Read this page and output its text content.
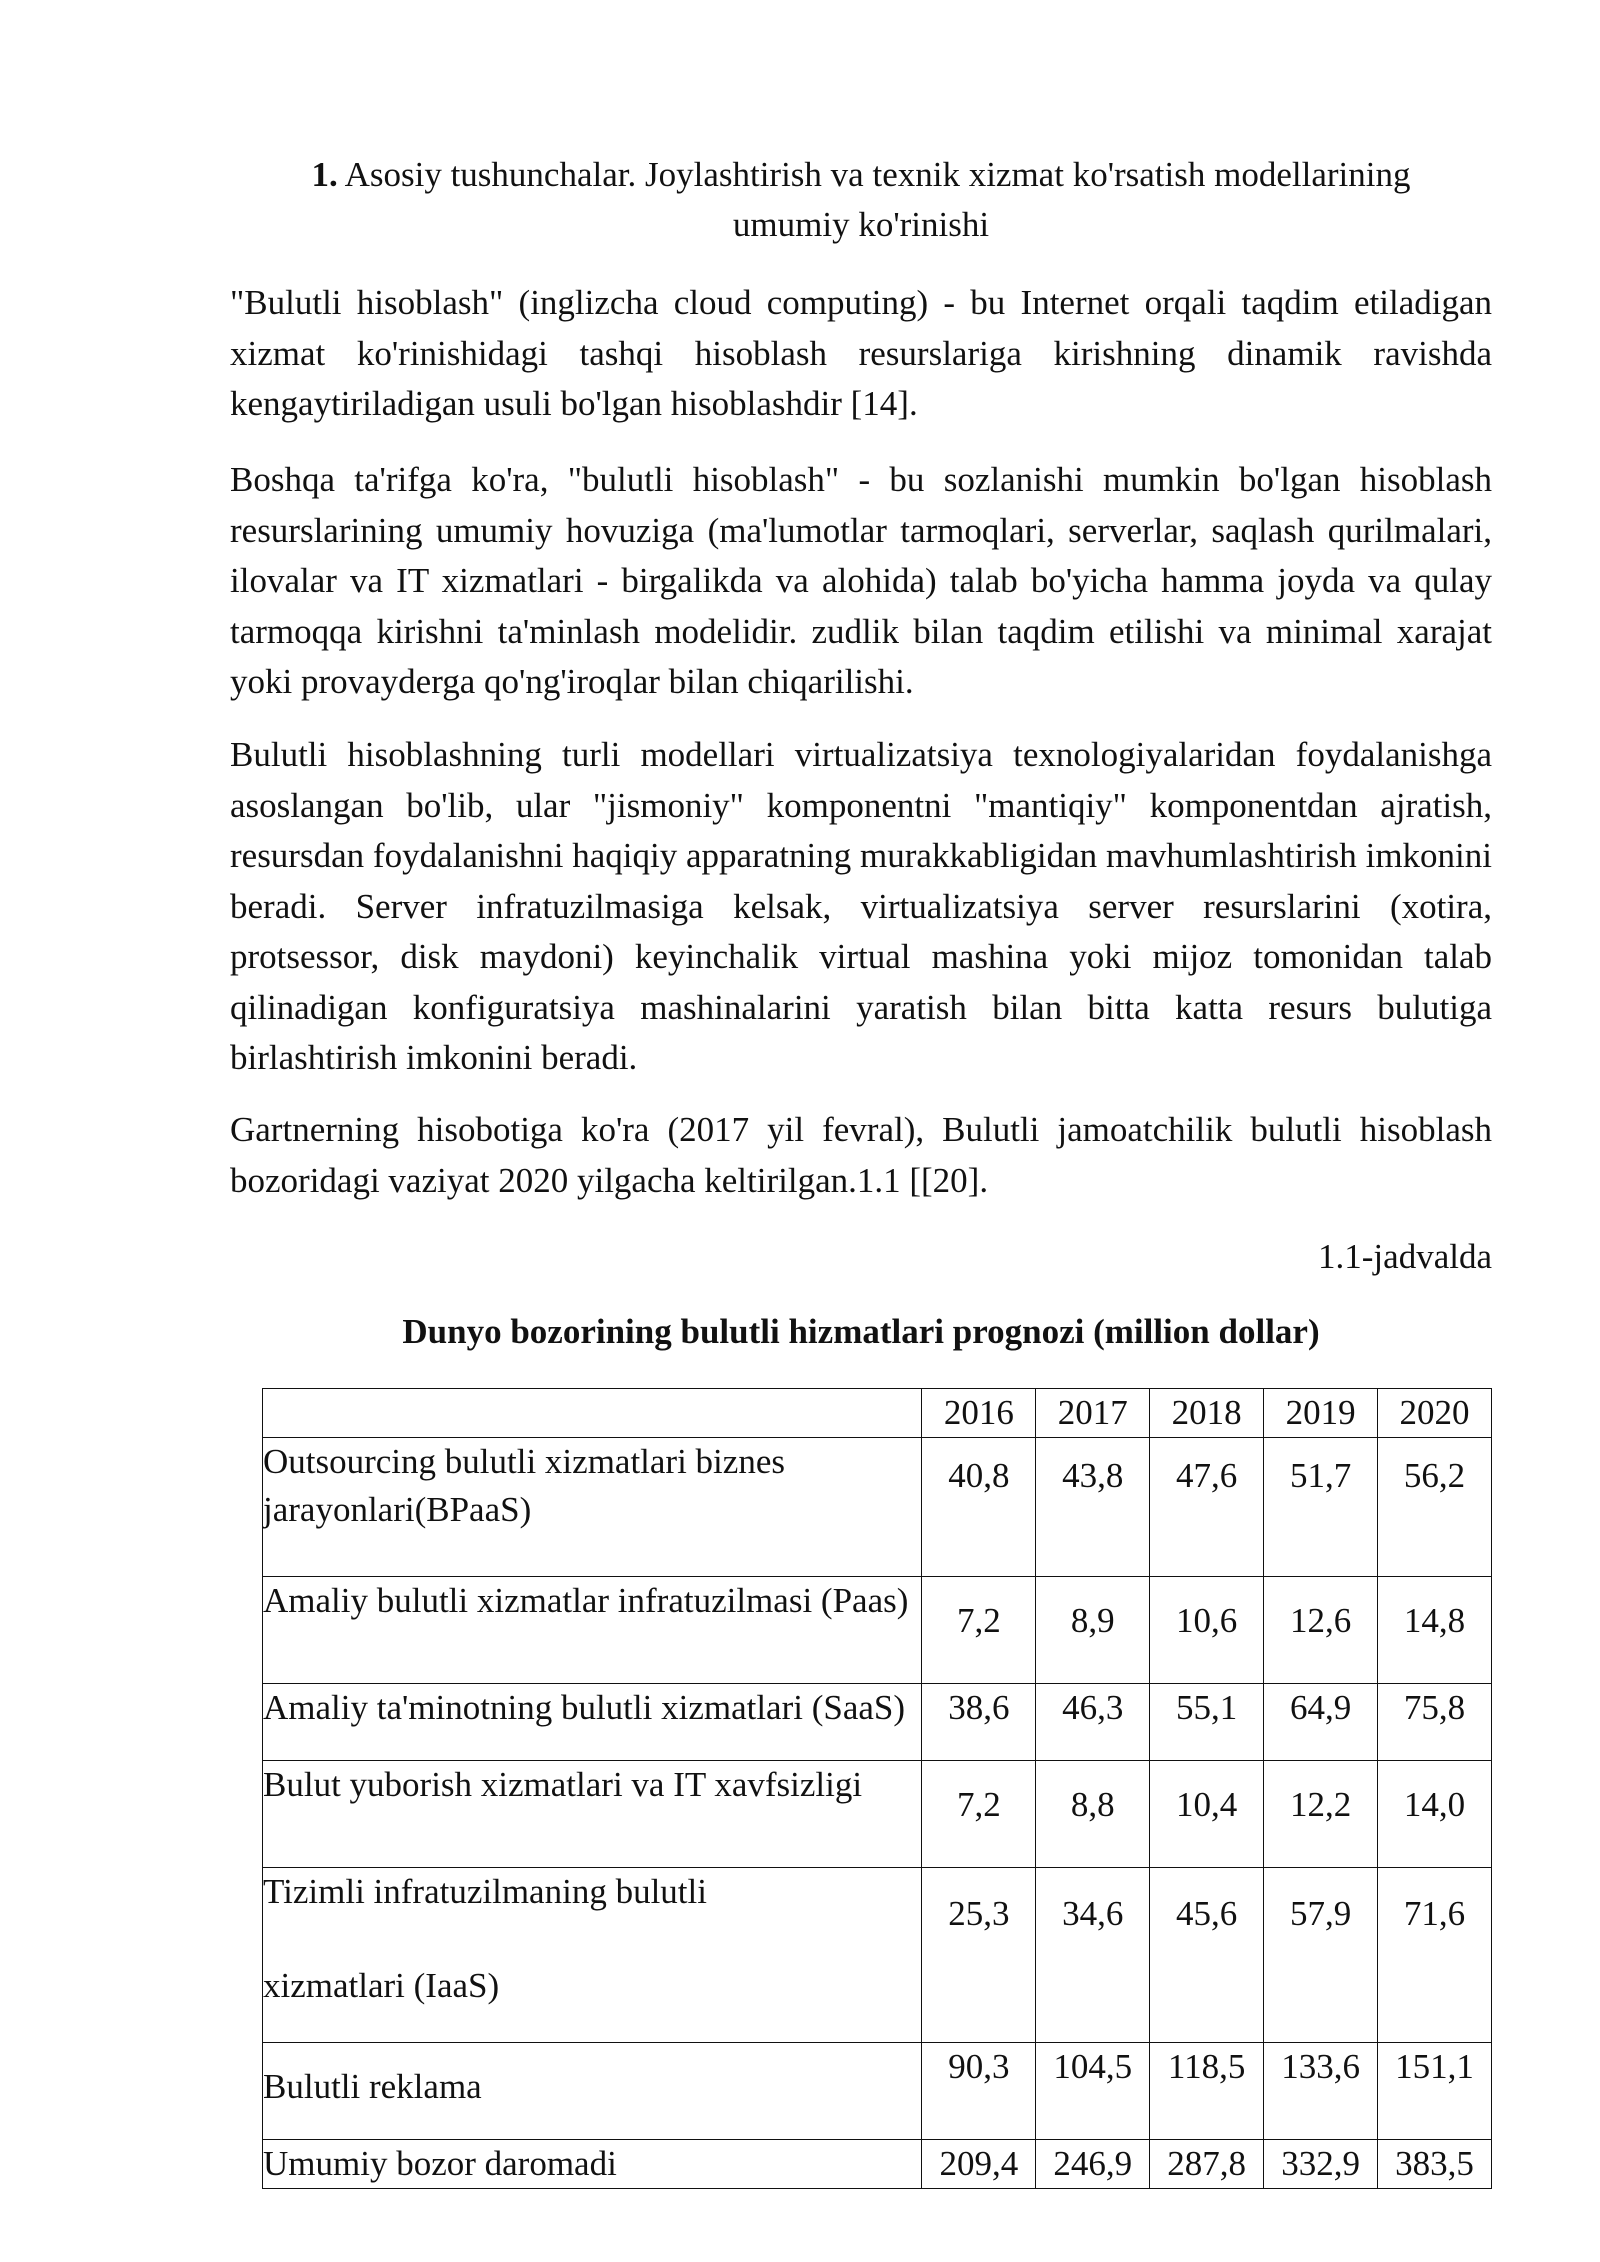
1. Asosiy tushunchalar. Joylashtirish va texnik xizmat ko'rsatish modellarining
umumiy ko'rinishi

"Bulutli hisoblash" (inglizcha cloud computing) - bu Internet orqali taqdim etiladigan xizmat ko'rinishidagi tashqi hisoblash resurslariga kirishning dinamik ravishda kengaytiriladigan usuli bo'lgan hisoblashdir [14].

Boshqa ta'rifga ko'ra, "bulutli hisoblash" - bu sozlanishi mumkin bo'lgan hisoblash resurslarining umumiy hovuziga (ma'lumotlar tarmoqlari, serverlar, saqlash qurilmalari, ilovalar va IT xizmatlari - birgalikda va alohida) talab bo'yicha hamma joyda va qulay tarmoqqa kirishni ta'minlash modelidir. zudlik bilan taqdim etilishi va minimal xarajat yoki provayderga qo'ng'iroqlar bilan chiqarilishi.

Bulutli hisoblashning turli modellari virtualizatsiya texnologiyalaridan foydalanishga asoslangan bo'lib, ular "jismoniy" komponentni "mantiqiy" komponentdan ajratish, resursdan foydalanishni haqiqiy apparatning murakkabligidan mavhumlashtirish imkonini beradi. Server infratuzilmasiga kelsak, virtualizatsiya server resurslarini (xotira, protsessor, disk maydoni) keyinchalik virtual mashina yoki mijoz tomonidan talab qilinadigan konfiguratsiya mashinalarini yaratish bilan bitta katta resurs bulutiga birlashtirish imkonini beradi.

Gartnerning hisobotiga ko'ra (2017 yil fevral), Bulutli jamoatchilik bulutli hisoblash bozoridagi vaziyat 2020 yilgacha keltirilgan.1.1 [[20].

1.1-jadvalda
Dunyo bozorining bulutli hizmatlari prognozi (million dollar)
	2016	2017	2018	2019	2020
Outsourcing bulutli xizmatlari biznes jarayonlari(BPaaS)	40,8	43,8	47,6	51,7	56,2
Amaliy bulutli xizmatlar infratuzilmasi (Paas)	7,2	8,9	10,6	12,6	14,8
Amaliy ta'minotning bulutli xizmatlari (SaaS)	38,6	46,3	55,1	64,9	75,8
Bulut yuborish xizmatlari va IT xavfsizligi	7,2	8,8	10,4	12,2	14,0

Tizimli infratuzilmaning bulutli
xizmatlari (IaaS)	25,3	34,6	45,6	57,9	71,6
Bulutli reklama	90,3	104,5	118,5	133,6	151,1
Umumiy bozor daromadi	209,4	246,9	287,8	332,9	383,5
